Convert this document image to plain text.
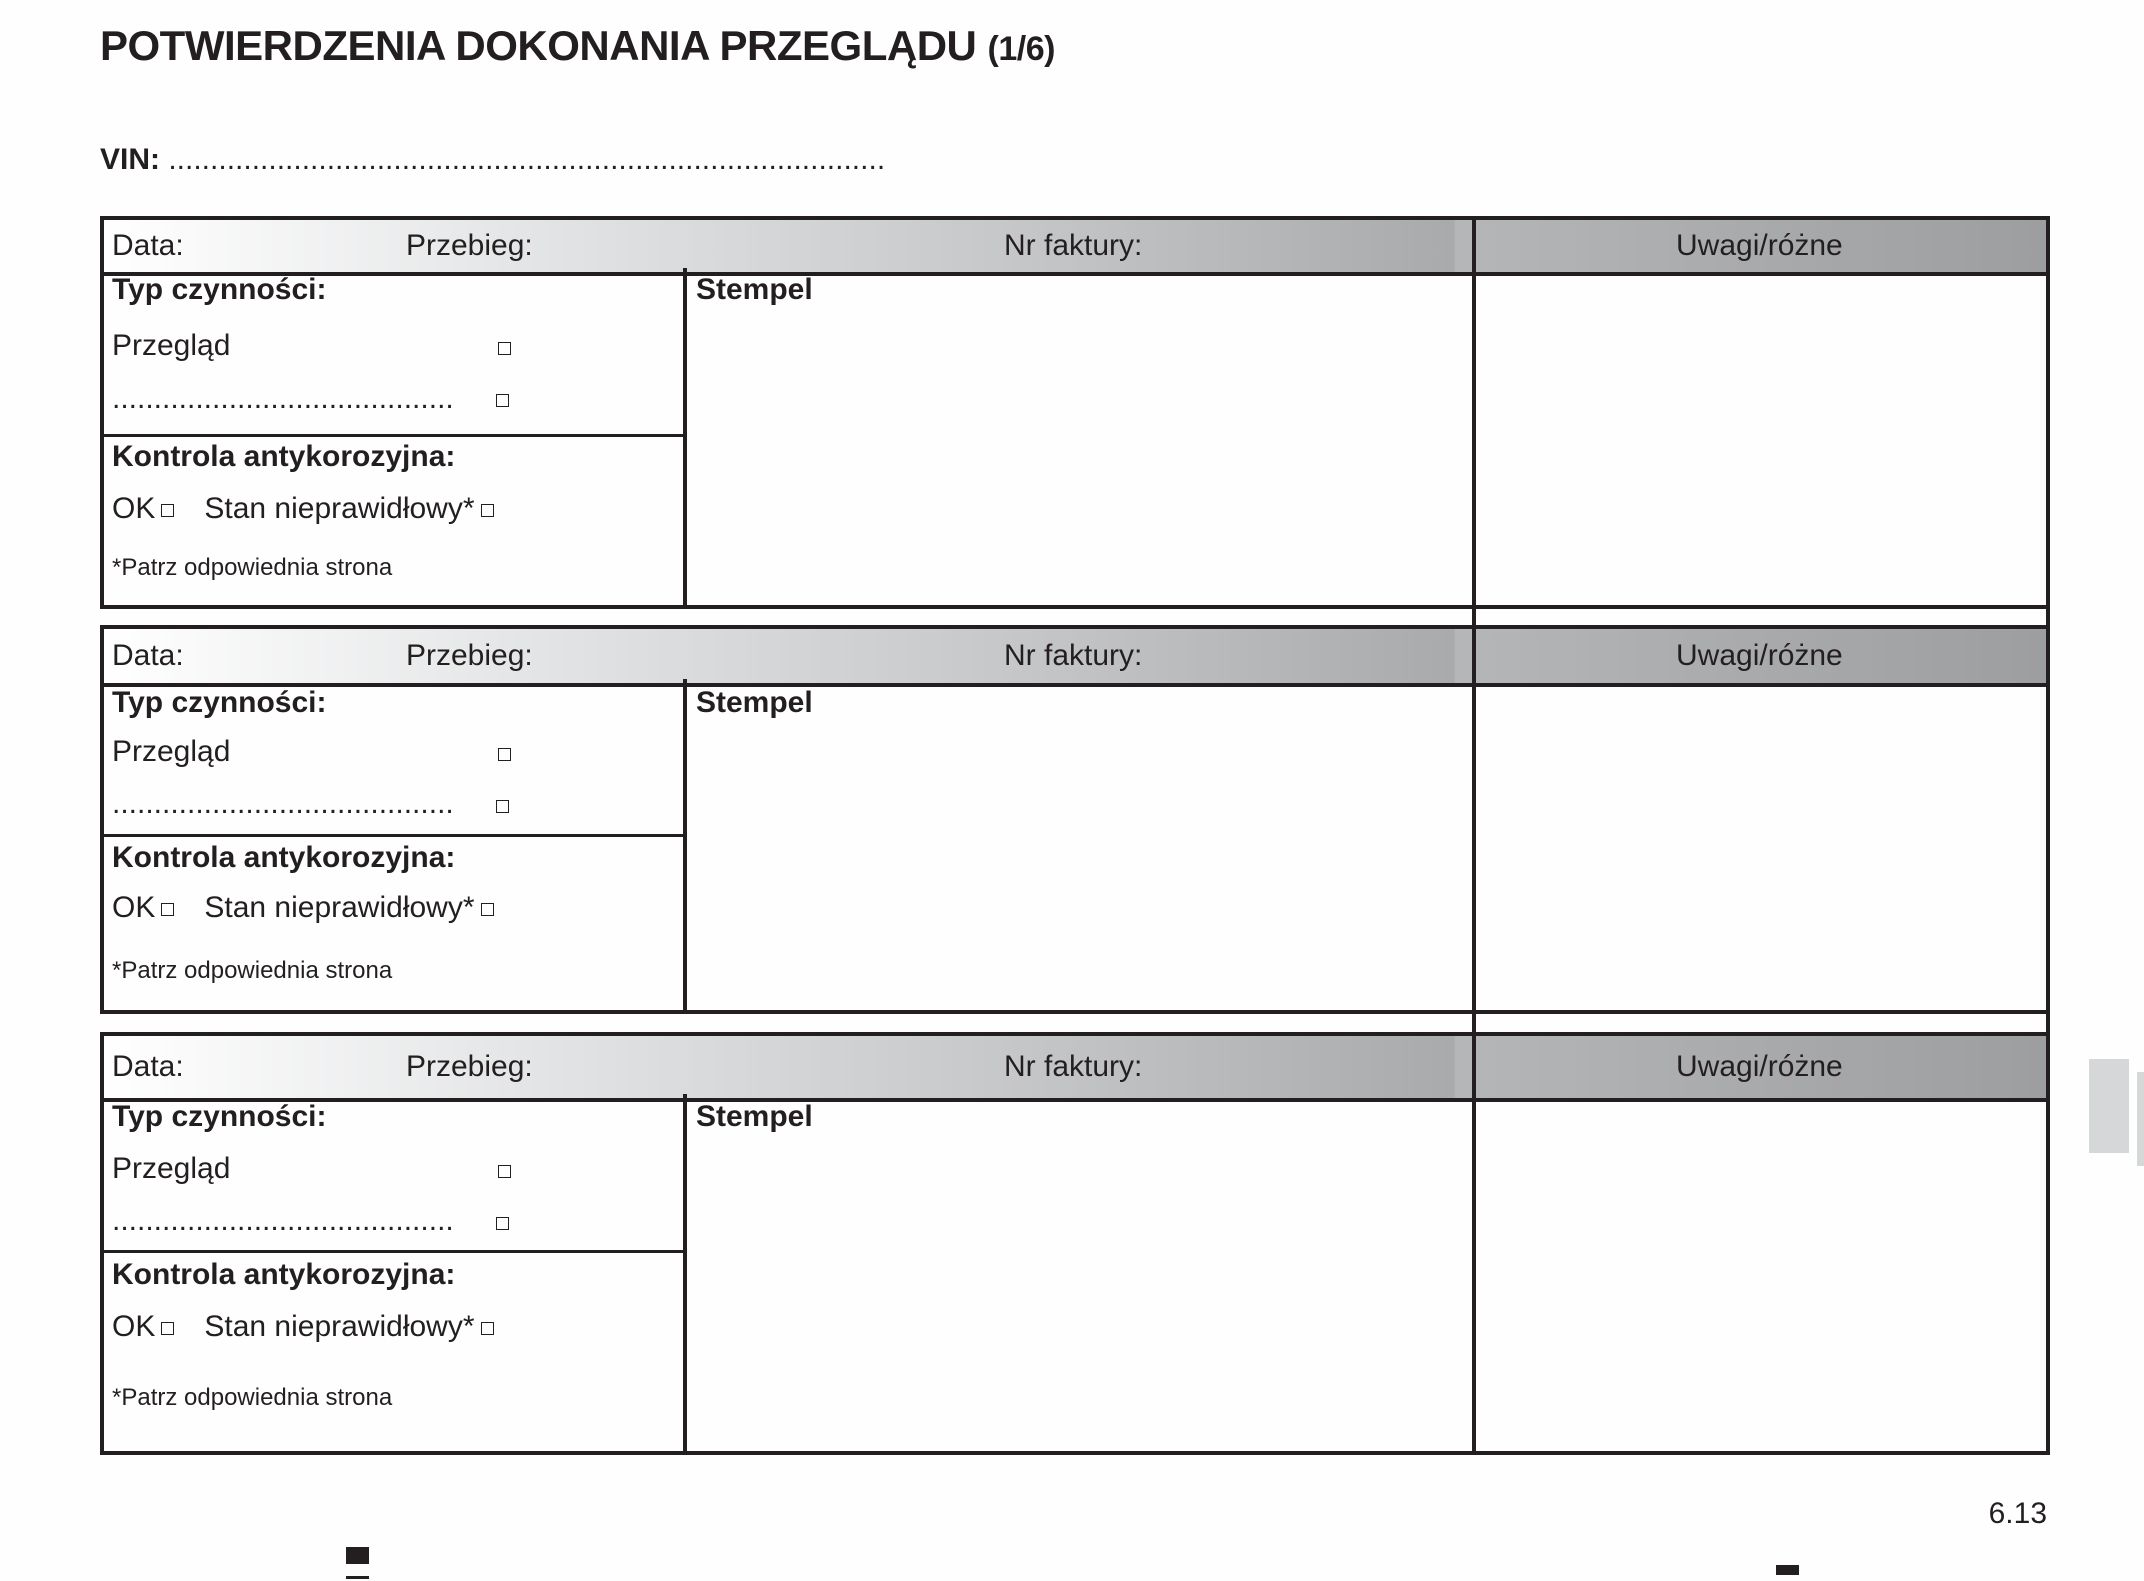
POTWIERDZENIA DOKONANIA PRZEGLĄDU (1/6)
VIN: ......................................................................................
Data:	Przebieg:	Nr faktury:	Uwagi/różne
Typ czynności:
Przegląd
.........................................
Kontrola antykorozyjna:
OK Stan nieprawidłowy*
*Patrz odpowiednia strona
Stempel
Data:	Przebieg:	Nr faktury:	Uwagi/różne
Typ czynności:
Przegląd
.........................................
Kontrola antykorozyjna:
OK Stan nieprawidłowy*
*Patrz odpowiednia strona
Stempel
Data:	Przebieg:	Nr faktury:	Uwagi/różne
Typ czynności:
Przegląd
.........................................
Kontrola antykorozyjna:
OK Stan nieprawidłowy*
*Patrz odpowiednia strona
Stempel
6.13
